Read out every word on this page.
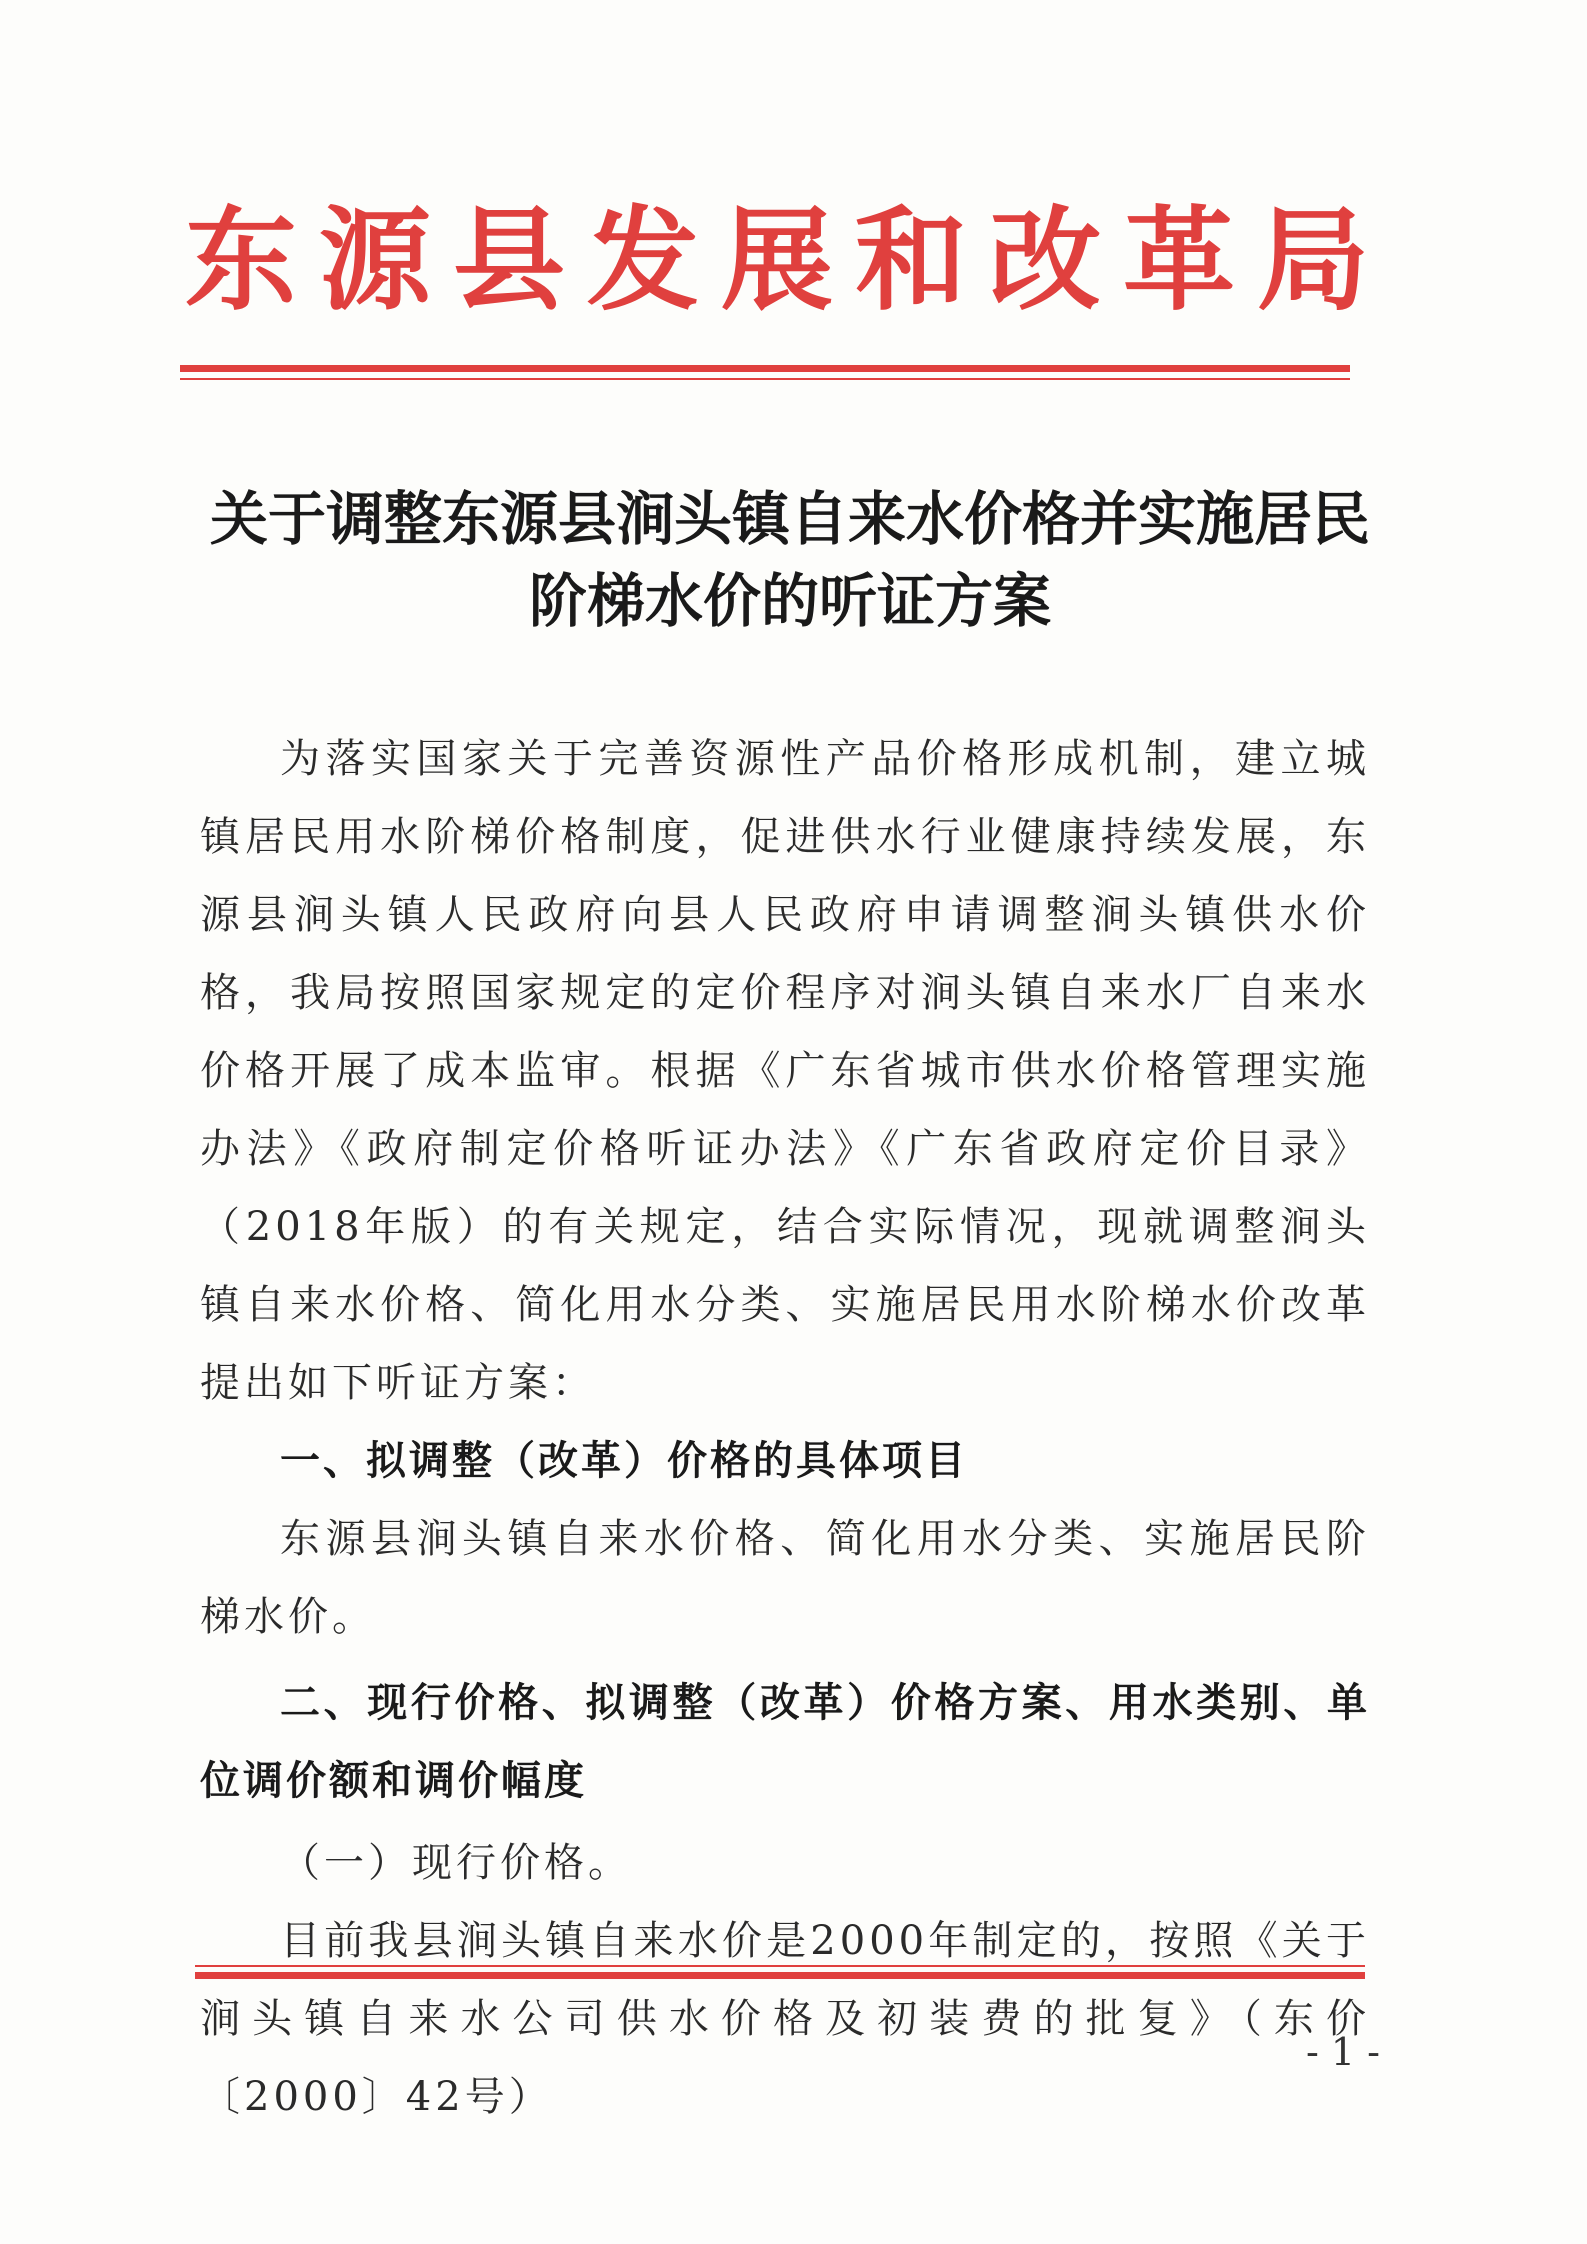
东源县发展和改革局
关于调整东源县涧头镇自来水价格并实施居民阶梯水价的听证方案

为落实国家关于完善资源性产品价格形成机制，建立城镇居民用水阶梯价格制度，促进供水行业健康持续发展，东源县涧头镇人民政府向县人民政府申请调整涧头镇供水价格，我局按照国家规定的定价程序对涧头镇自来水厂自来水价格开展了成本监审。根据《广东省城市供水价格管理实施办法》《政府制定价格听证办法》《广东省政府定价目录》（2018年版）的有关规定，结合实际情况，现就调整涧头镇自来水价格、简化用水分类、实施居民用水阶梯水价改革提出如下听证方案：

一、拟调整（改革）价格的具体项目

东源县涧头镇自来水价格、简化用水分类、实施居民阶梯水价。

二、现行价格、拟调整（改革）价格方案、用水类别、单位调价额和调价幅度

（一）现行价格。

目前我县涧头镇自来水价是2000年制定的，按照《关于涧头镇自来水公司供水价格及初装费的批复》（东价〔2000〕42号）

- 1 -
